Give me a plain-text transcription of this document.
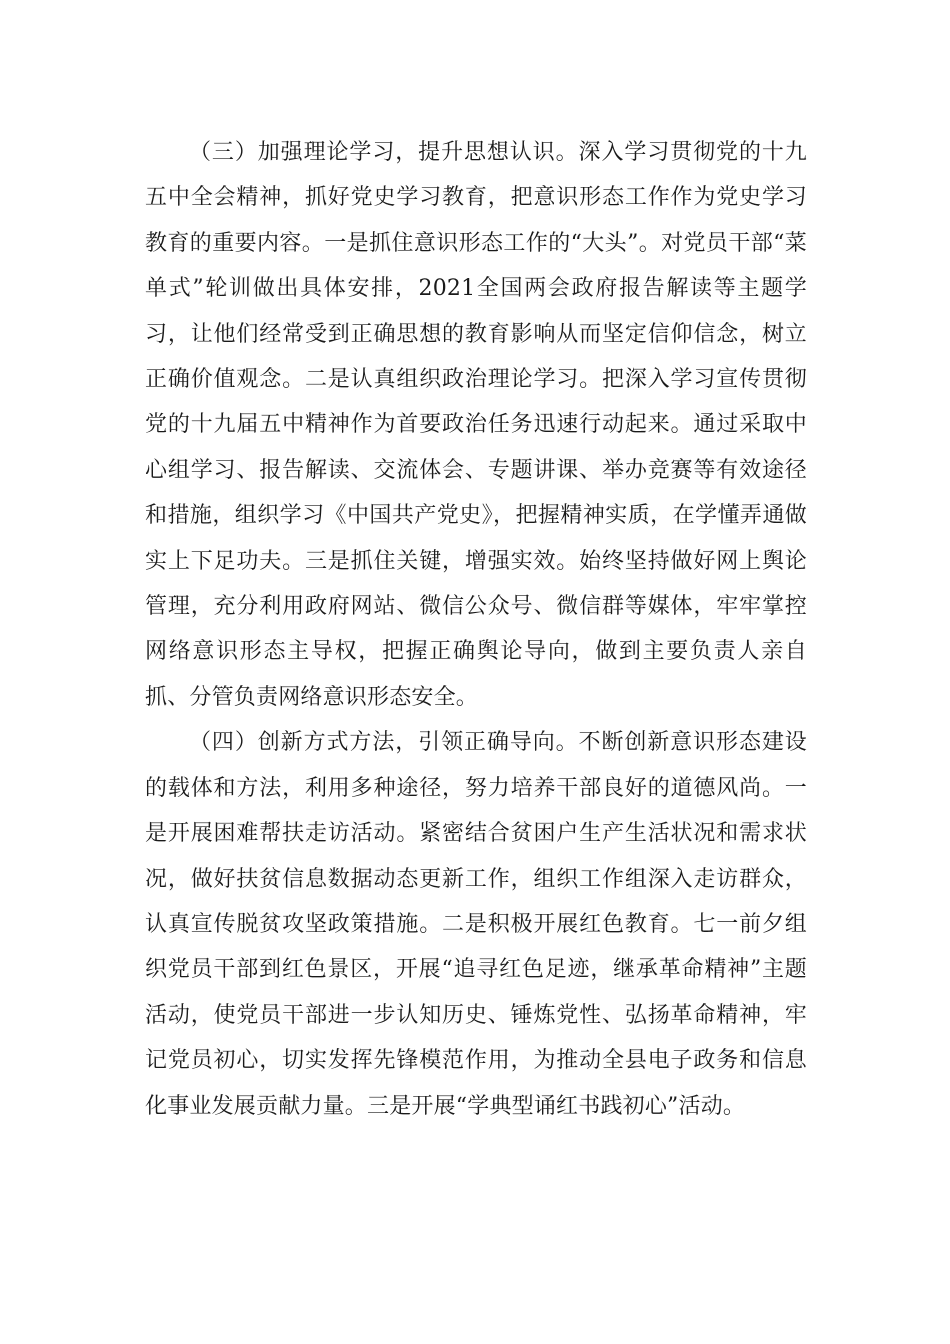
（三）加强理论学习，提升思想认识。深入学习贯彻党的十九五中全会精神，抓好党史学习教育，把意识形态工作作为党史学习教育的重要内容。一是抓住意识形态工作的“大头”。对党员干部“菜单式”轮训做出具体安排，2021全国两会政府报告解读等主题学习，让他们经常受到正确思想的教育影响从而坚定信仰信念，树立正确价值观念。二是认真组织政治理论学习。把深入学习宣传贯彻党的十九届五中精神作为首要政治任务迅速行动起来。通过采取中心组学习、报告解读、交流体会、专题讲课、举办竞赛等有效途径和措施，组织学习《中国共产党史》，把握精神实质，在学懂弄通做实上下足功夫。三是抓住关键，增强实效。始终坚持做好网上舆论管理，充分利用政府网站、微信公众号、微信群等媒体，牢牢掌控网络意识形态主导权，把握正确舆论导向，做到主要负责人亲自抓、分管负责网络意识形态安全。

（四）创新方式方法，引领正确导向。不断创新意识形态建设的载体和方法，利用多种途径，努力培养干部良好的道德风尚。一是开展困难帮扶走访活动。紧密结合贫困户生产生活状况和需求状况，做好扶贫信息数据动态更新工作，组织工作组深入走访群众，认真宣传脱贫攻坚政策措施。二是积极开展红色教育。七一前夕组织党员干部到红色景区，开展“追寻红色足迹，继承革命精神”主题活动，使党员干部进一步认知历史、锤炼党性、弘扬革命精神，牢记党员初心，切实发挥先锋模范作用，为推动全县电子政务和信息化事业发展贡献力量。三是开展“学典型诵红书践初心”活动。
